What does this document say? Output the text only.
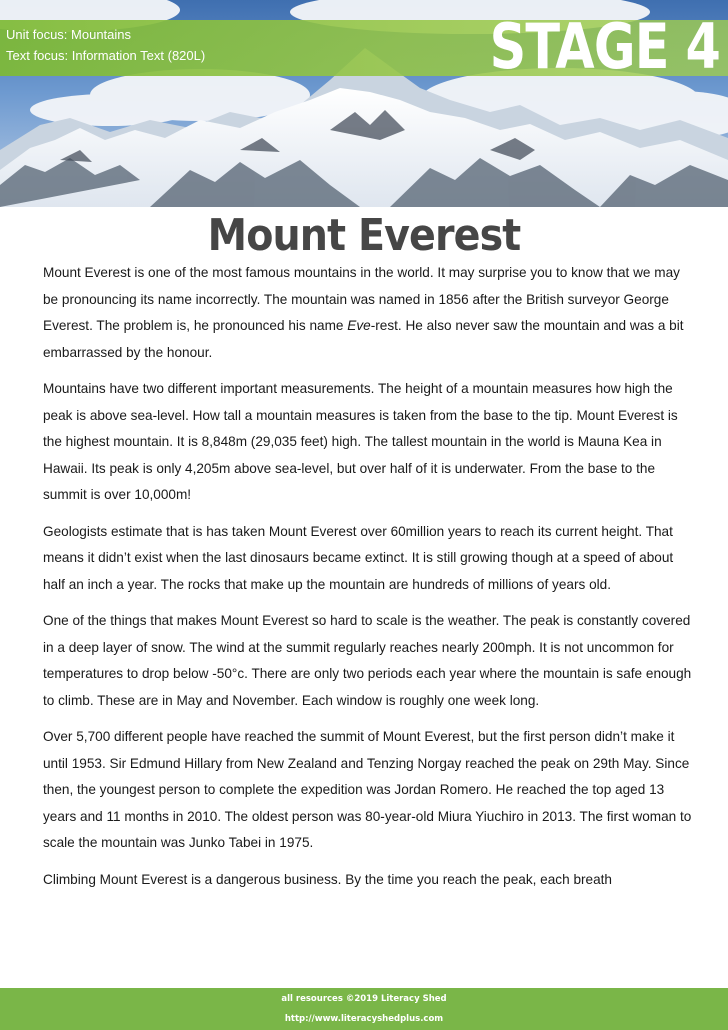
Unit focus: Mountains
Text focus: Information Text (820L)	STAGE 4
Mount Everest

Mount Everest is one of the most famous mountains in the world. It may surprise you to know that we may be pronouncing its name incorrectly. The mountain was named in 1856 after the British surveyor George Everest. The problem is, he pronounced his name Eve-rest. He also never saw the mountain and was a bit embarrassed by the honour.

Mountains have two different important measurements. The height of a mountain measures how high the peak is above sea-level. How tall a mountain measures is taken from the base to the tip. Mount Everest is the highest mountain. It is 8,848m (29,035 feet) high. The tallest mountain in the world is Mauna Kea in Hawaii. Its peak is only 4,205m above sea-level, but over half of it is underwater. From the base to the summit is over 10,000m!

Geologists estimate that is has taken Mount Everest over 60million years to reach its current height. That means it didn’t exist when the last dinosaurs became extinct. It is still growing though at a speed of about half an inch a year. The rocks that make up the mountain are hundreds of millions of years old.

One of the things that makes Mount Everest so hard to scale is the weather. The peak is constantly covered in a deep layer of snow. The wind at the summit regularly reaches nearly 200mph. It is not uncommon for temperatures to drop below -50°c. There are only two periods each year where the mountain is safe enough to climb. These are in May and November. Each window is roughly one week long.

Over 5,700 different people have reached the summit of Mount Everest, but the first person didn’t make it until 1953. Sir Edmund Hillary from New Zealand and Tenzing Norgay reached the peak on 29th May. Since then, the youngest person to complete the expedition was Jordan Romero. He reached the top aged 13 years and 11 months in 2010. The oldest person was 80-year-old Miura Yiuchiro in 2013. The first woman to scale the mountain was Junko Tabei in 1975.

Climbing Mount Everest is a dangerous business. By the time you reach the peak, each breath

all resources ©2019 Literacy Shed
http://www.literacyshedplus.com
